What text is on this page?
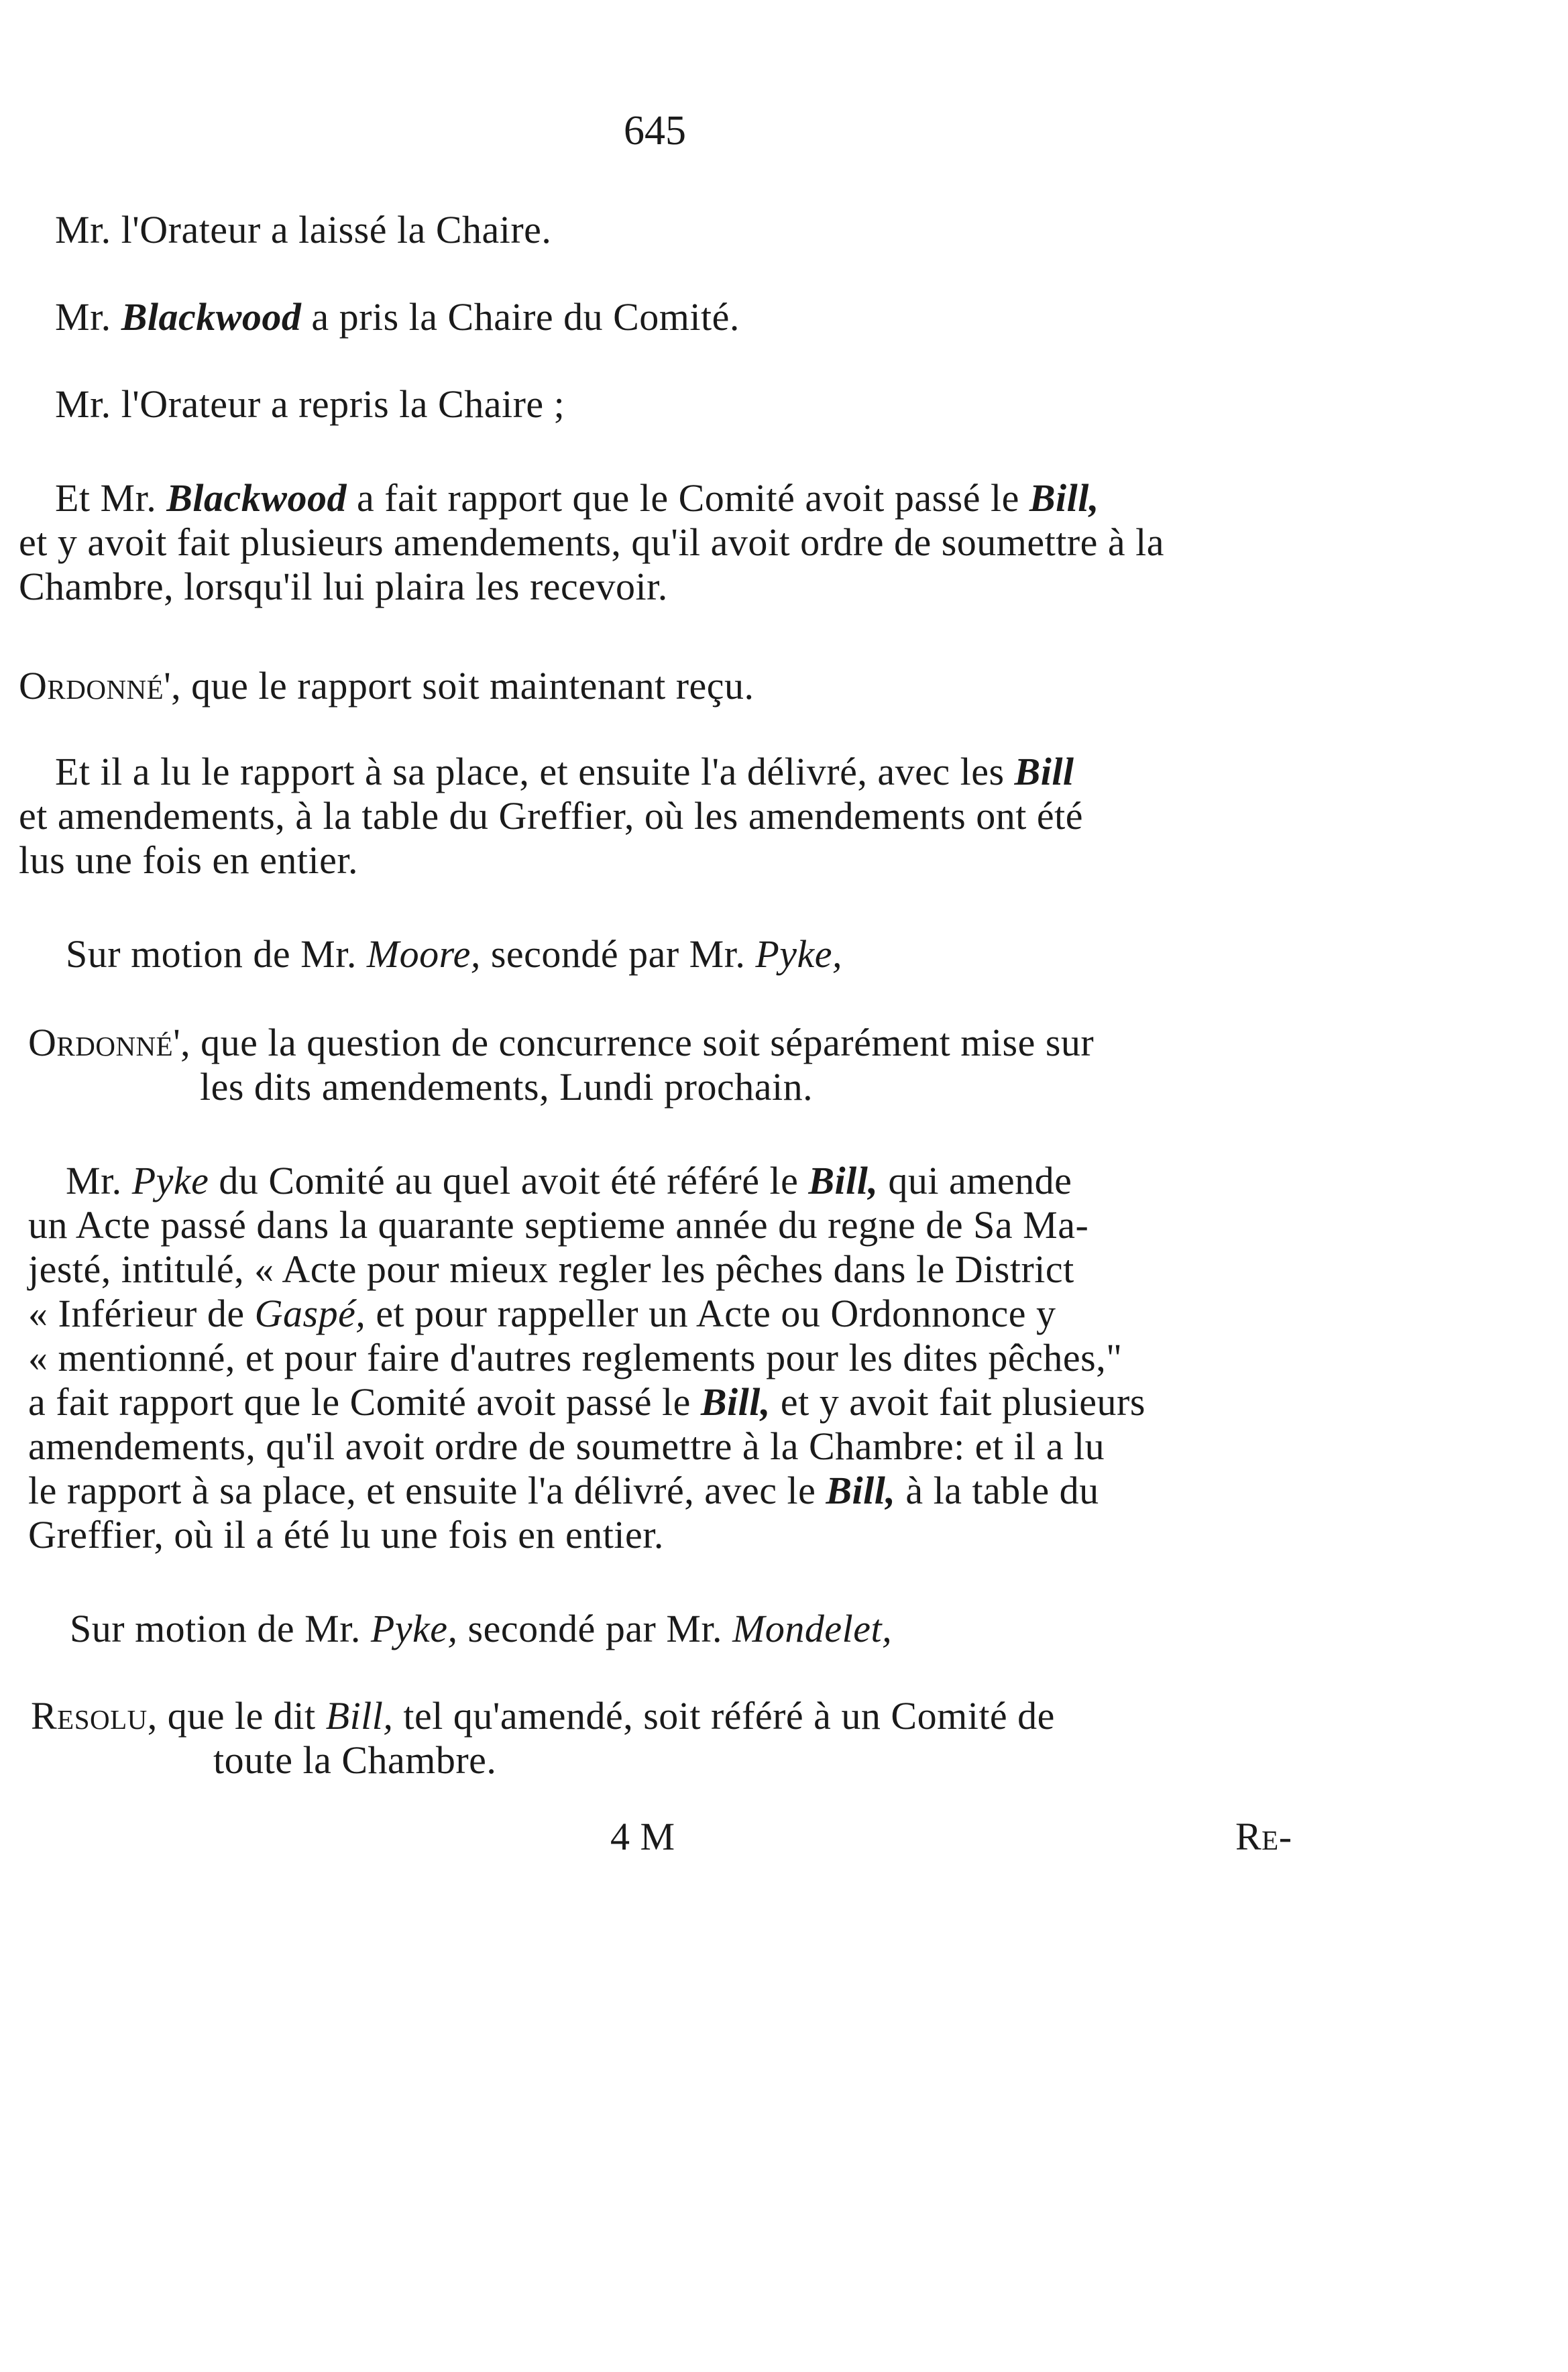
645
Mr. l'Orateur a laissé la Chaire.
Mr. Blackwood a pris la Chaire du Comité.
Mr. l'Orateur a repris la Chaire ;
Et Mr. Blackwood a fait rapport que le Comité avoit passé le Bill,
et y avoit fait plusieurs amendements, qu'il avoit ordre de soumettre à la
Chambre, lorsqu'il lui plaira les recevoir.
Ordonné', que le rapport soit maintenant reçu.
Et il a lu le rapport à sa place, et ensuite l'a délivré, avec les Bill
et amendements, à la table du Greffier, où les amendements ont été
lus une fois en entier.
Sur motion de Mr. Moore, secondé par Mr. Pyke,
Ordonné', que la question de concurrence soit séparément mise sur
les dits amendements, Lundi prochain.
Mr. Pyke du Comité au quel avoit été référé le Bill, qui amende
un Acte passé dans la quarante septieme année du regne de Sa Ma-
jesté, intitulé, « Acte pour mieux regler les pêches dans le District
« Inférieur de Gaspé, et pour rappeller un Acte ou Ordonnonce y
« mentionné, et pour faire d'autres reglements pour les dites pêches,"
a fait rapport que le Comité avoit passé le Bill, et y avoit fait plusieurs
amendements, qu'il avoit ordre de soumettre à la Chambre: et il a lu
le rapport à sa place, et ensuite l'a délivré, avec le Bill, à la table du
Greffier, où il a été lu une fois en entier.
Sur motion de Mr. Pyke, secondé par Mr. Mondelet,
Resolu, que le dit Bill, tel qu'amendé, soit référé à un Comité de
toute la Chambre.
4 M	Re-
